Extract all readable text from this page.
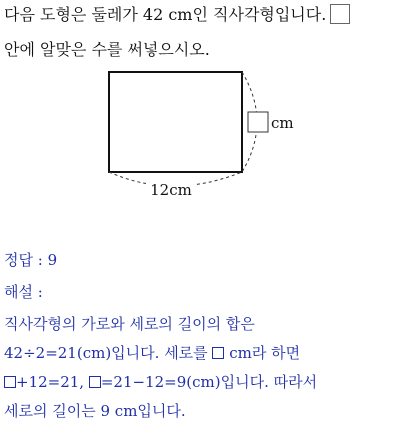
다음 도형은 둘레가 42 cm인 직사각형입니다.
안에 알맞은 수를 써넣으시오.
cm
12cm
정답 : 9
해설 :
직사각형의 가로와 세로의 길이의 합은
42÷2=21(cm)입니다. 세로를  cm라 하면
+12=21, =21−12=9(cm)입니다. 따라서
세로의 길이는 9 cm입니다.
